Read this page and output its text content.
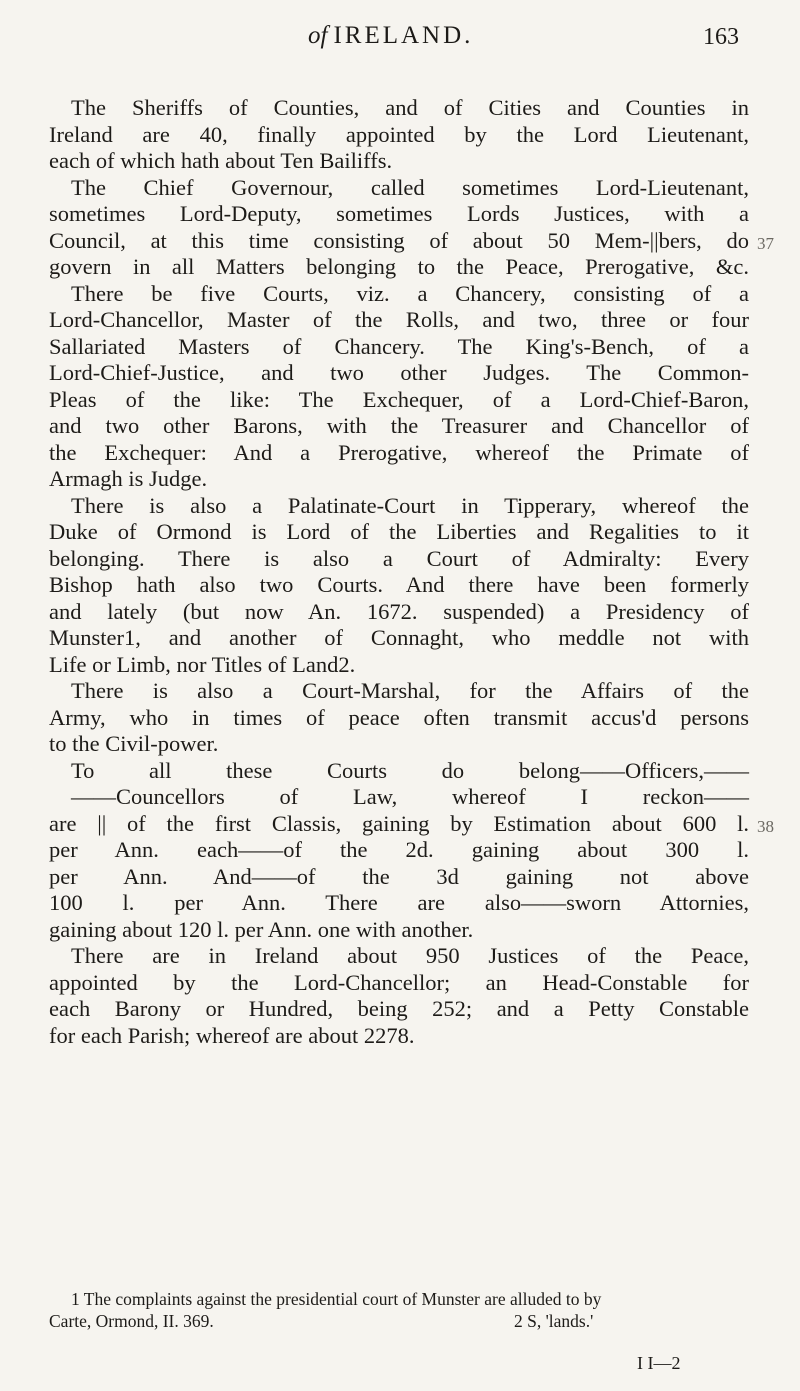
of IRELAND.	163
The Sheriffs of Counties, and of Cities and Counties in
Ireland are 40, finally appointed by the Lord Lieutenant,
each of which hath about Ten Bailiffs.
The Chief Governour, called sometimes Lord-Lieutenant,
sometimes Lord-Deputy, sometimes Lords Justices, with a
Council, at this time consisting of about 50 Mem-||bers, do 37
govern in all Matters belonging to the Peace, Prerogative, &c.
There be five Courts, viz. a Chancery, consisting of a
Lord-Chancellor, Master of the Rolls, and two, three or four
Sallariated Masters of Chancery. The King's-Bench, of a
Lord-Chief-Justice, and two other Judges. The Common-
Pleas of the like: The Exchequer, of a Lord-Chief-Baron,
and two other Barons, with the Treasurer and Chancellor of
the Exchequer: And a Prerogative, whereof the Primate of
Armagh is Judge.
There is also a Palatinate-Court in Tipperary, whereof the
Duke of Ormond is Lord of the Liberties and Regalities to it
belonging. There is also a Court of Admiralty: Every
Bishop hath also two Courts. And there have been formerly
and lately (but now An. 1672. suspended) a Presidency of
Munster1, and another of Connaght, who meddle not with
Life or Limb, nor Titles of Land2.
There is also a Court-Marshal, for the Affairs of the
Army, who in times of peace often transmit accus'd persons
to the Civil-power.
To all these Courts do belong——Officers,——
——Councellors of Law, whereof I reckon——
are || of the first Classis, gaining by Estimation about 600 l. 38
per Ann. each——of the 2d. gaining about 300 l.
per Ann. And——of the 3d gaining not above
100 l. per Ann. There are also——sworn Attornies,
gaining about 120 l. per Ann. one with another.
There are in Ireland about 950 Justices of the Peace,
appointed by the Lord-Chancellor; an Head-Constable for
each Barony or Hundred, being 252; and a Petty Constable
for each Parish; whereof are about 2278.
1 The complaints against the presidential court of Munster are alluded to by
Carte, Ormond, II. 369.	2 S, 'lands.'
I I—2
